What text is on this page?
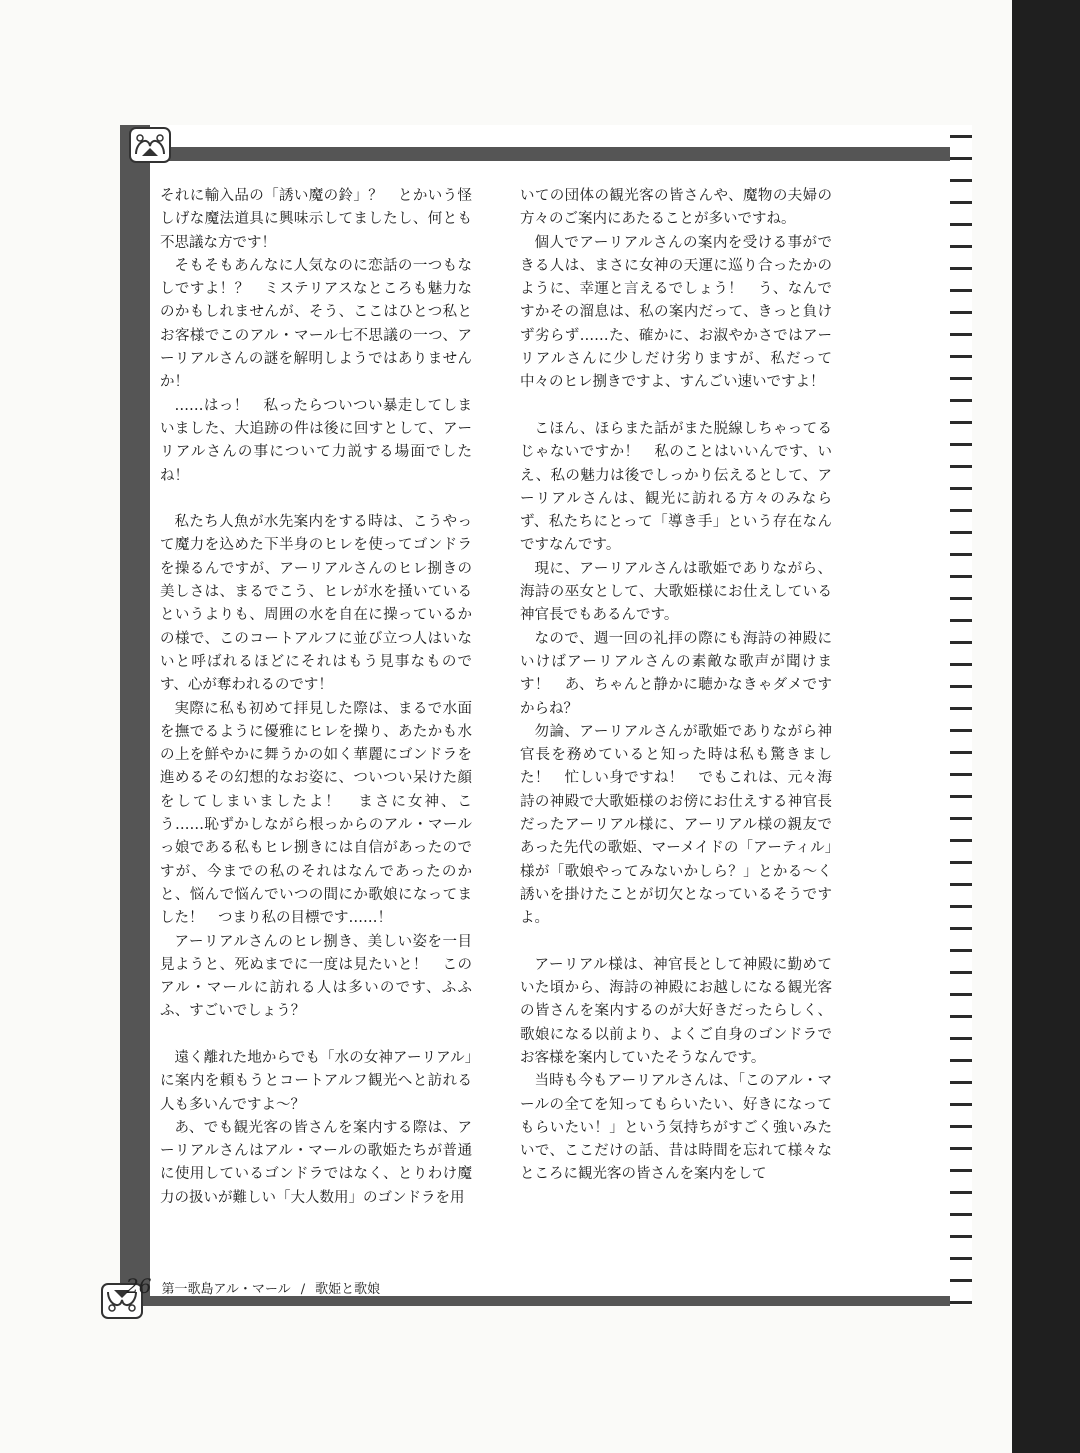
それに輸入品の「誘い魔の鈴」？　とかいう怪しげな魔法道具に興味示してましたし、何とも不思議な方です！

そもそもあんなに人気なのに恋話の一つもなしですよ！？　ミステリアスなところも魅力なのかもしれませんが、そう、ここはひとつ私とお客様でこのアル・マール七不思議の一つ、アーリアルさんの謎を解明しようではありませんか！

……はっ！　私ったらついつい暴走してしまいました、大追跡の件は後に回すとして、アーリアルさんの事について力説する場面でしたね！

私たち人魚が水先案内をする時は、こうやって魔力を込めた下半身のヒレを使ってゴンドラを操るんですが、アーリアルさんのヒレ捌きの美しさは、まるでこう、ヒレが水を掻いているというよりも、周囲の水を自在に操っているかの様で、このコートアルフに並び立つ人はいないと呼ばれるほどにそれはもう見事なものです、心が奪われるのです！

実際に私も初めて拝見した際は、まるで水面を撫でるように優雅にヒレを操り、あたかも水の上を鮮やかに舞うかの如く華麗にゴンドラを進めるその幻想的なお姿に、ついつい呆けた顔をしてしまいましたよ！　まさに女神、こう……恥ずかしながら根っからのアル・マールっ娘である私もヒレ捌きには自信があったのですが、今までの私のそれはなんであったのかと、悩んで悩んでいつの間にか歌娘になってました！　つまり私の目標です……！

アーリアルさんのヒレ捌き、美しい姿を一目見ようと、死ぬまでに一度は見たいと！　このアル・マールに訪れる人は多いのです、ふふふ、すごいでしょう？

遠く離れた地からでも「水の女神アーリアル」に案内を頼もうとコートアルフ観光へと訪れる人も多いんですよ～？

あ、でも観光客の皆さんを案内する際は、アーリアルさんはアル・マールの歌姫たちが普通に使用しているゴンドラではなく、とりわけ魔力の扱いが難しい「大人数用」のゴンドラを用

いての団体の観光客の皆さんや、魔物の夫婦の方々のご案内にあたることが多いですね。

個人でアーリアルさんの案内を受ける事ができる人は、まさに女神の天運に巡り合ったかのように、幸運と言えるでしょう！　う、なんですかその溜息は、私の案内だって、きっと負けず劣らず……た、確かに、お淑やかさではアーリアルさんに少しだけ劣りますが、私だって中々のヒレ捌きですよ、すんごい速いですよ！

こほん、ほらまた話がまた脱線しちゃってるじゃないですか！　私のことはいいんです、いえ、私の魅力は後でしっかり伝えるとして、アーリアルさんは、観光に訪れる方々のみならず、私たちにとって「導き手」という存在なんですなんです。

現に、アーリアルさんは歌姫でありながら、海詩の巫女として、大歌姫様にお仕えしている神官長でもあるんです。

なので、週一回の礼拝の際にも海詩の神殿にいけばアーリアルさんの素敵な歌声が聞けます！　あ、ちゃんと静かに聴かなきゃダメですからね？

勿論、アーリアルさんが歌姫でありながら神官長を務めていると知った時は私も驚きました！　忙しい身ですね！　でもこれは、元々海詩の神殿で大歌姫様のお傍にお仕えする神官長だったアーリアル様に、アーリアル様の親友であった先代の歌姫、マーメイドの「アーティル」様が「歌娘やってみないかしら？」とかる～く誘いを掛けたことが切欠となっているそうですよ。

アーリアル様は、神官長として神殿に勤めていた頃から、海詩の神殿にお越しになる観光客の皆さんを案内するのが大好きだったらしく、歌娘になる以前より、よくご自身のゴンドラでお客様を案内していたそうなんです。

当時も今もアーリアルさんは、「このアル・マールの全てを知ってもらいたい、好きになってもらいたい！」という気持ちがすごく強いみたいで、ここだけの話、昔は時間を忘れて様々なところに観光客の皆さんを案内をして

26 第一歌島アル・マール / 歌姫と歌娘
